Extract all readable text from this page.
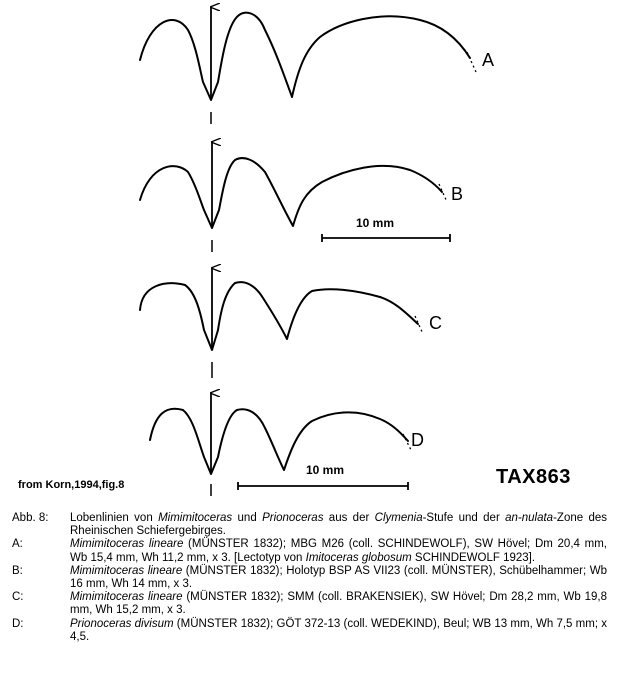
A
B
C
D
10 mm
10 mm
from Korn,1994,fig.8	TAX863
Abb. 8:	Lobenlinien von Mimimitoceras und Prionoceras aus der Clymenia-Stufe und der an-nulata-Zone des Rheinischen Schiefergebirges.
A:	Mimimitoceras lineare (MÜNSTER 1832); MBG M26 (coll. SCHINDEWOLF), SW Hövel; Dm 20,4 mm, Wb 15,4 mm, Wh 11,2 mm, x 3. [Lectotyp von Imitoceras globosum SCHINDEWOLF 1923].
B:	Mimimitoceras lineare (MÜNSTER 1832); Holotyp BSP AS VII23 (coll. MÜNSTER), Schübelhammer; Wb 16 mm, Wh 14 mm, x 3.
C:	Mimimitoceras lineare (MÜNSTER 1832); SMM (coll. BRAKENSIEK), SW Hövel; Dm 28,2 mm, Wb 19,8 mm, Wh 15,2 mm, x 3.
D:	Prionoceras divisum (MÜNSTER 1832); GÖT 372-13 (coll. WEDEKIND), Beul; WB 13 mm, Wh 7,5 mm; x 4,5.
